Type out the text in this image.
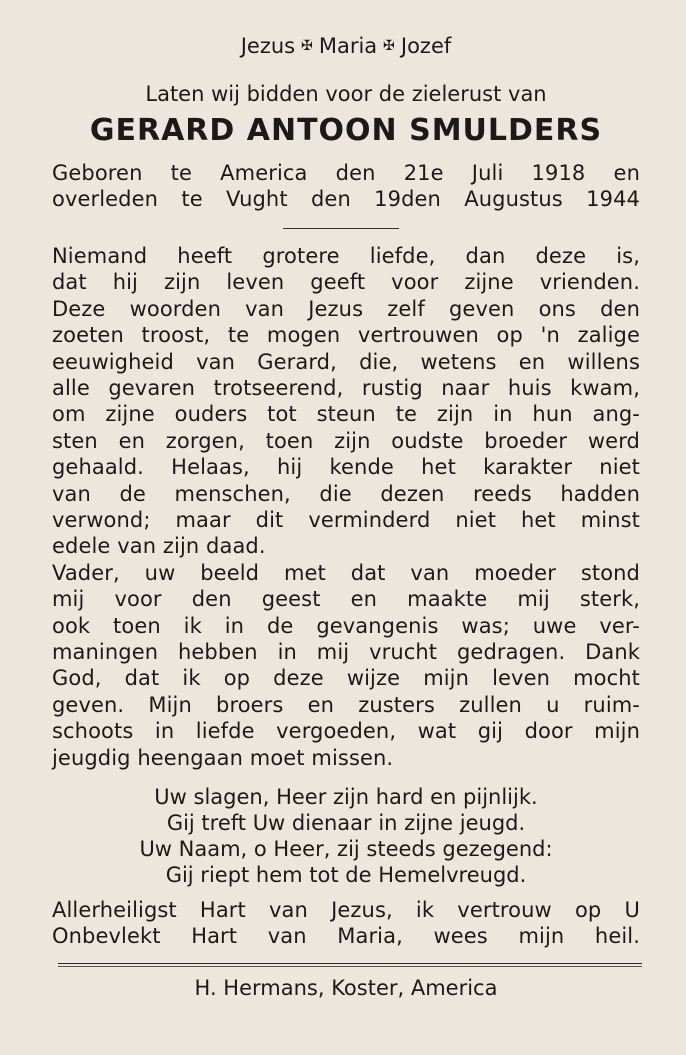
Jezus ✠ Maria ✠ Jozef

Laten wij bidden voor de zielerust van

GERARD ANTOON SMULDERS

Geboren te America den 21e Juli 1918 en

overleden te Vught den 19den Augustus 1944

Niemand heeft grotere liefde, dan deze is,

dat hij zijn leven geeft voor zijne vrienden.

Deze woorden van Jezus zelf geven ons den

zoeten troost, te mogen vertrouwen op 'n zalige

eeuwigheid van Gerard, die, wetens en willens

alle gevaren trotseerend, rustig naar huis kwam,

om zijne ouders tot steun te zijn in hun ang-

sten en zorgen, toen zijn oudste broeder werd

gehaald. Helaas, hij kende het karakter niet

van de menschen, die dezen reeds hadden

verwond; maar dit verminderd niet het minst

edele van zijn daad.

Vader, uw beeld met dat van moeder stond

mij voor den geest en maakte mij sterk,

ook toen ik in de gevangenis was; uwe ver-

maningen hebben in mij vrucht gedragen. Dank

God, dat ik op deze wijze mijn leven mocht

geven. Mijn broers en zusters zullen u ruim-

schoots in liefde vergoeden, wat gij door mijn

jeugdig heengaan moet missen.

Uw slagen, Heer zijn hard en pijnlijk.

Gij treft Uw dienaar in zijne jeugd.

Uw Naam, o Heer, zij steeds gezegend:

Gij riept hem tot de Hemelvreugd.

Allerheiligst Hart van Jezus, ik vertrouw op U

Onbevlekt Hart van Maria, wees mijn heil.

H. Hermans, Koster, America
